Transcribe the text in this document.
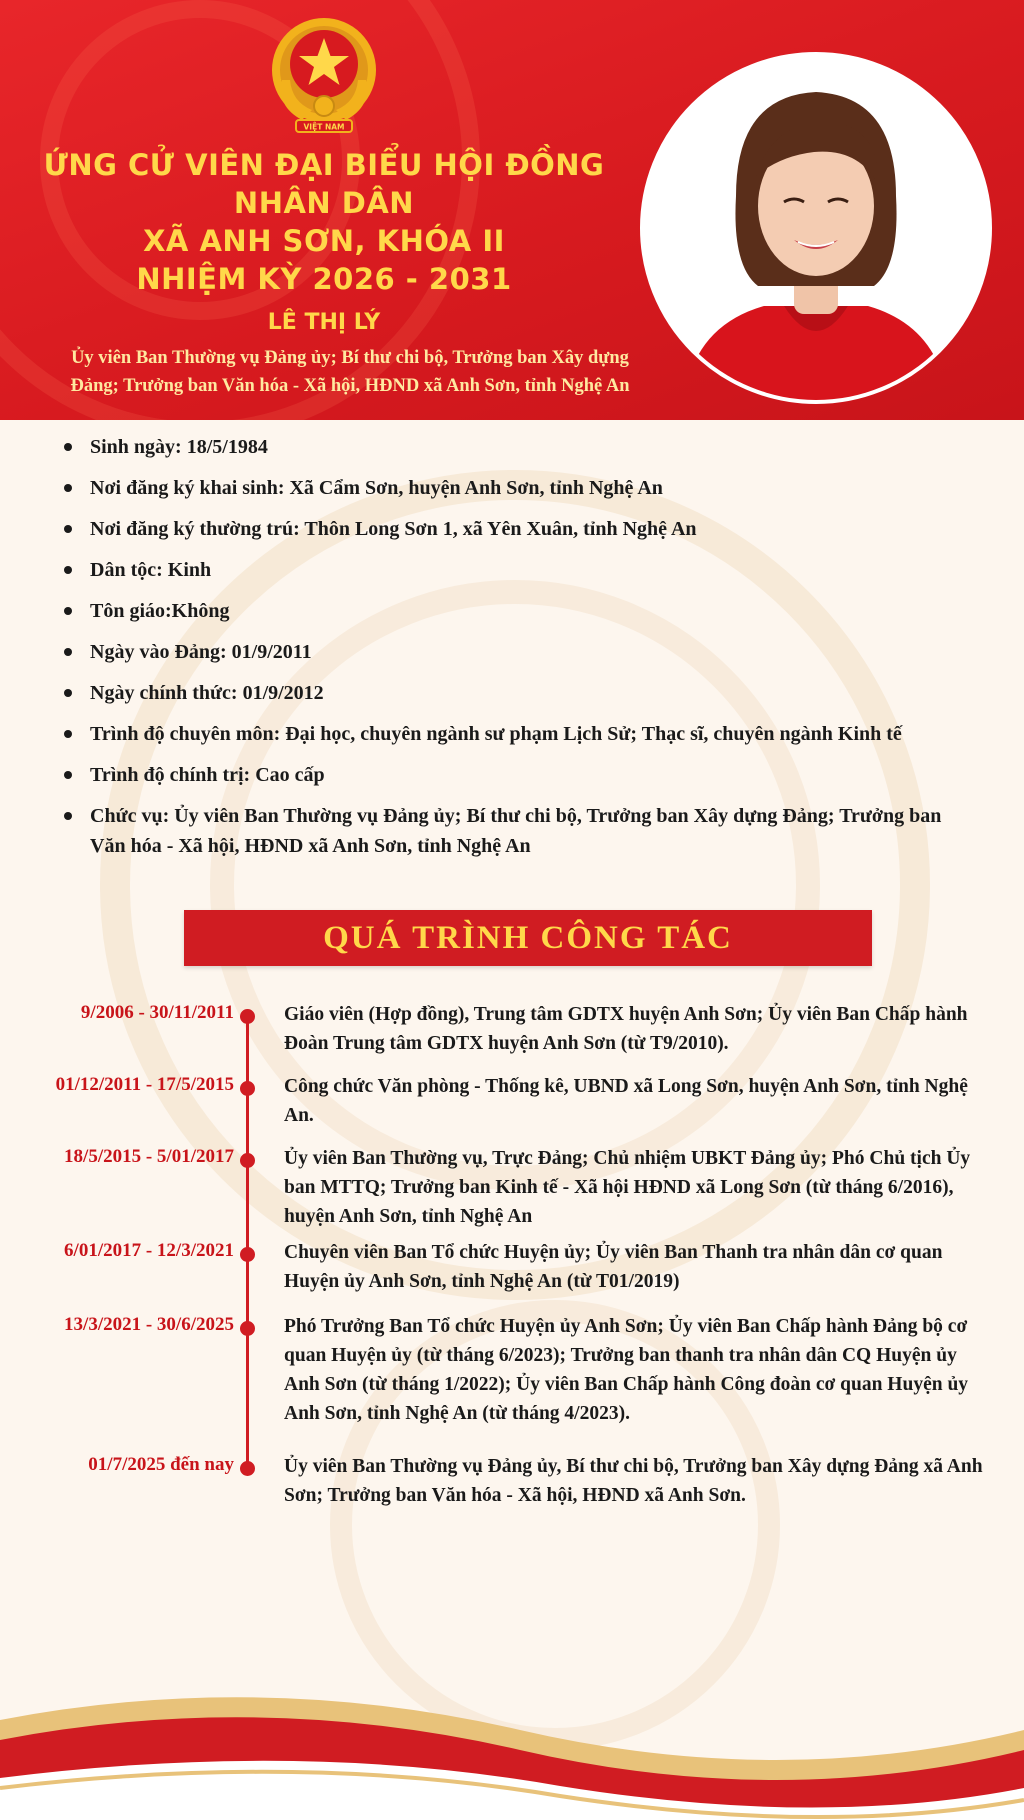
VIỆT NAM
ỨNG CỬ VIÊN ĐẠI BIỂU HỘI ĐỒNG NHÂN DÂN
XÃ ANH SƠN, KHÓA II
NHIỆM KỲ 2026 - 2031
LÊ THỊ LÝ
Ủy viên Ban Thường vụ Đảng ủy; Bí thư chi bộ, Trưởng ban Xây dựng
Đảng; Trưởng ban Văn hóa - Xã hội, HĐND xã Anh Sơn, tỉnh Nghệ An
Sinh ngày: 18/5/1984
Nơi đăng ký khai sinh: Xã Cẩm Sơn, huyện Anh Sơn, tỉnh Nghệ An
Nơi đăng ký thường trú: Thôn Long Sơn 1, xã Yên Xuân, tỉnh Nghệ An
Dân tộc: Kinh
Tôn giáo:Không
Ngày vào Đảng: 01/9/2011
Ngày chính thức: 01/9/2012
Trình độ chuyên môn: Đại học, chuyên ngành sư phạm Lịch Sử; Thạc sĩ, chuyên ngành Kinh tế
Trình độ chính trị: Cao cấp
Chức vụ: Ủy viên Ban Thường vụ Đảng ủy; Bí thư chi bộ, Trưởng ban Xây dựng Đảng; Trưởng ban Văn hóa - Xã hội, HĐND xã Anh Sơn, tỉnh Nghệ An
QUÁ TRÌNH CÔNG TÁC
9/2006 - 30/11/2011	Giáo viên (Hợp đồng), Trung tâm GDTX huyện Anh Sơn; Ủy viên Ban Chấp hành Đoàn Trung tâm GDTX huyện Anh Sơn (từ T9/2010).
01/12/2011 - 17/5/2015	Công chức Văn phòng - Thống kê, UBND xã Long Sơn, huyện Anh Sơn, tỉnh Nghệ An.
18/5/2015 - 5/01/2017	Ủy viên Ban Thường vụ, Trực Đảng; Chủ nhiệm UBKT Đảng ủy; Phó Chủ tịch Ủy ban MTTQ; Trưởng ban Kinh tế - Xã hội HĐND xã Long Sơn (từ tháng 6/2016), huyện Anh Sơn, tỉnh Nghệ An
6/01/2017 - 12/3/2021	Chuyên viên Ban Tổ chức Huyện ủy; Ủy viên Ban Thanh tra nhân dân cơ quan Huyện ủy Anh Sơn, tỉnh Nghệ An (từ T01/2019)
13/3/2021 - 30/6/2025	Phó Trưởng Ban Tổ chức Huyện ủy Anh Sơn; Ủy viên Ban Chấp hành Đảng bộ cơ quan Huyện ủy (từ tháng 6/2023); Trưởng ban thanh tra nhân dân CQ Huyện ủy Anh Sơn (từ tháng 1/2022); Ủy viên Ban Chấp hành Công đoàn cơ quan Huyện ủy Anh Sơn, tỉnh Nghệ An (từ tháng 4/2023).
01/7/2025 đến nay	Ủy viên Ban Thường vụ Đảng ủy, Bí thư chi bộ, Trưởng ban Xây dựng Đảng xã Anh Sơn; Trưởng ban Văn hóa - Xã hội, HĐND xã Anh Sơn.
